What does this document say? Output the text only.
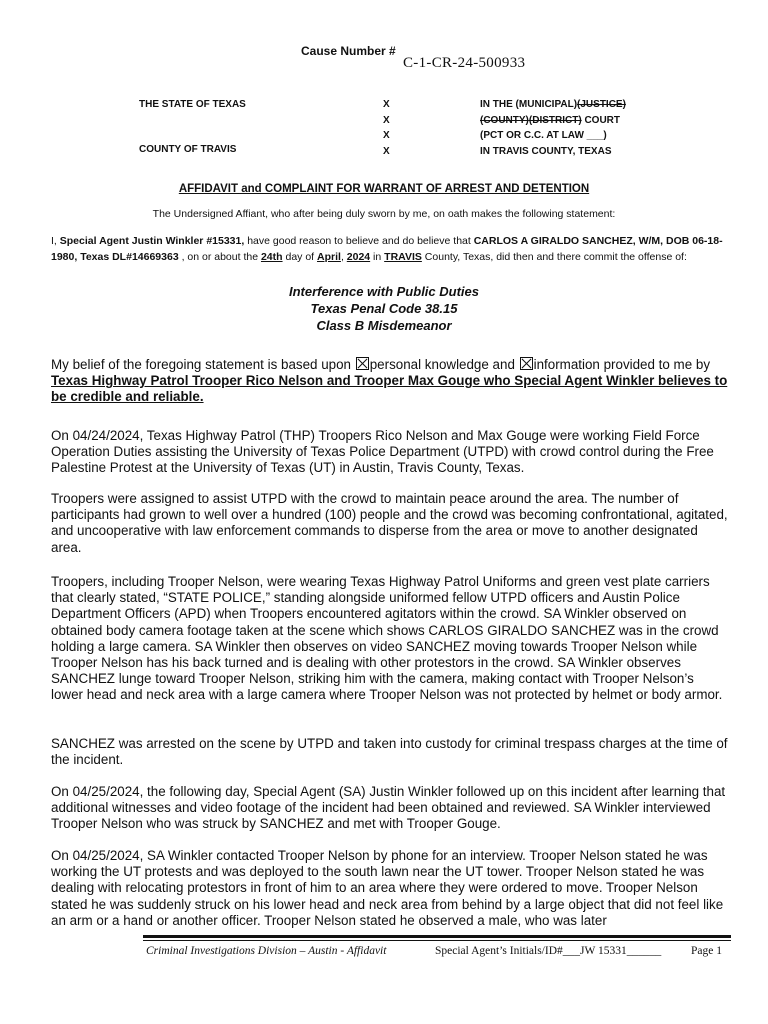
Cause Number #
C-1-CR-24-500933
THE STATE OF TEXAS
COUNTY OF TRAVIS
X
X
X
X
IN THE (MUNICIPAL)(JUSTICE)
(COUNTY)(DISTRICT) COURT
(PCT OR C.C. AT LAW ___)
IN TRAVIS COUNTY, TEXAS
AFFIDAVIT and COMPLAINT FOR WARRANT OF ARREST AND DETENTION
The Undersigned Affiant, who after being duly sworn by me, on oath makes the following statement:
I, Special Agent Justin Winkler #15331, have good reason to believe and do believe that CARLOS A GIRALDO SANCHEZ, W/M, DOB 06-18-1980, Texas DL#14669363 , on or about the 24th day of April, 2024 in TRAVIS County, Texas, did then and there commit the offense of:
Interference with Public Duties
Texas Penal Code 38.15
Class B Misdemeanor
My belief of the foregoing statement is based upon personal knowledge and information provided to me by Texas Highway Patrol Trooper Rico Nelson and Trooper Max Gouge who Special Agent Winkler believes to be credible and reliable.
On 04/24/2024, Texas Highway Patrol (THP) Troopers Rico Nelson and Max Gouge were working Field Force Operation Duties assisting the University of Texas Police Department (UTPD) with crowd control during the Free Palestine Protest at the University of Texas (UT) in Austin, Travis County, Texas.
Troopers were assigned to assist UTPD with the crowd to maintain peace around the area. The number of participants had grown to well over a hundred (100) people and the crowd was becoming confrontational, agitated, and uncooperative with law enforcement commands to disperse from the area or move to another designated area.
Troopers, including Trooper Nelson, were wearing Texas Highway Patrol Uniforms and green vest plate carriers that clearly stated, “STATE POLICE,” standing alongside uniformed fellow UTPD officers and Austin Police Department Officers (APD) when Troopers encountered agitators within the crowd. SA Winkler observed on obtained body camera footage taken at the scene which shows CARLOS GIRALDO SANCHEZ was in the crowd holding a large camera. SA Winkler then observes on video SANCHEZ moving towards Trooper Nelson while Trooper Nelson has his back turned and is dealing with other protestors in the crowd. SA Winkler observes SANCHEZ lunge toward Trooper Nelson, striking him with the camera, making contact with Trooper Nelson’s lower head and neck area with a large camera where Trooper Nelson was not protected by helmet or body armor.
SANCHEZ was arrested on the scene by UTPD and taken into custody for criminal trespass charges at the time of the incident.
On 04/25/2024, the following day, Special Agent (SA) Justin Winkler followed up on this incident after learning that additional witnesses and video footage of the incident had been obtained and reviewed. SA Winkler interviewed Trooper Nelson who was struck by SANCHEZ and met with Trooper Gouge.
On 04/25/2024, SA Winkler contacted Trooper Nelson by phone for an interview. Trooper Nelson stated he was working the UT protests and was deployed to the south lawn near the UT tower. Trooper Nelson stated he was dealing with relocating protestors in front of him to an area where they were ordered to move. Trooper Nelson stated he was suddenly struck on his lower head and neck area from behind by a large object that did not feel like an arm or a hand or another officer. Trooper Nelson stated he observed a male, who was later
Criminal Investigations Division – Austin - Affidavit	Special Agent’s Initials/ID#___JW 15331______	Page 1
